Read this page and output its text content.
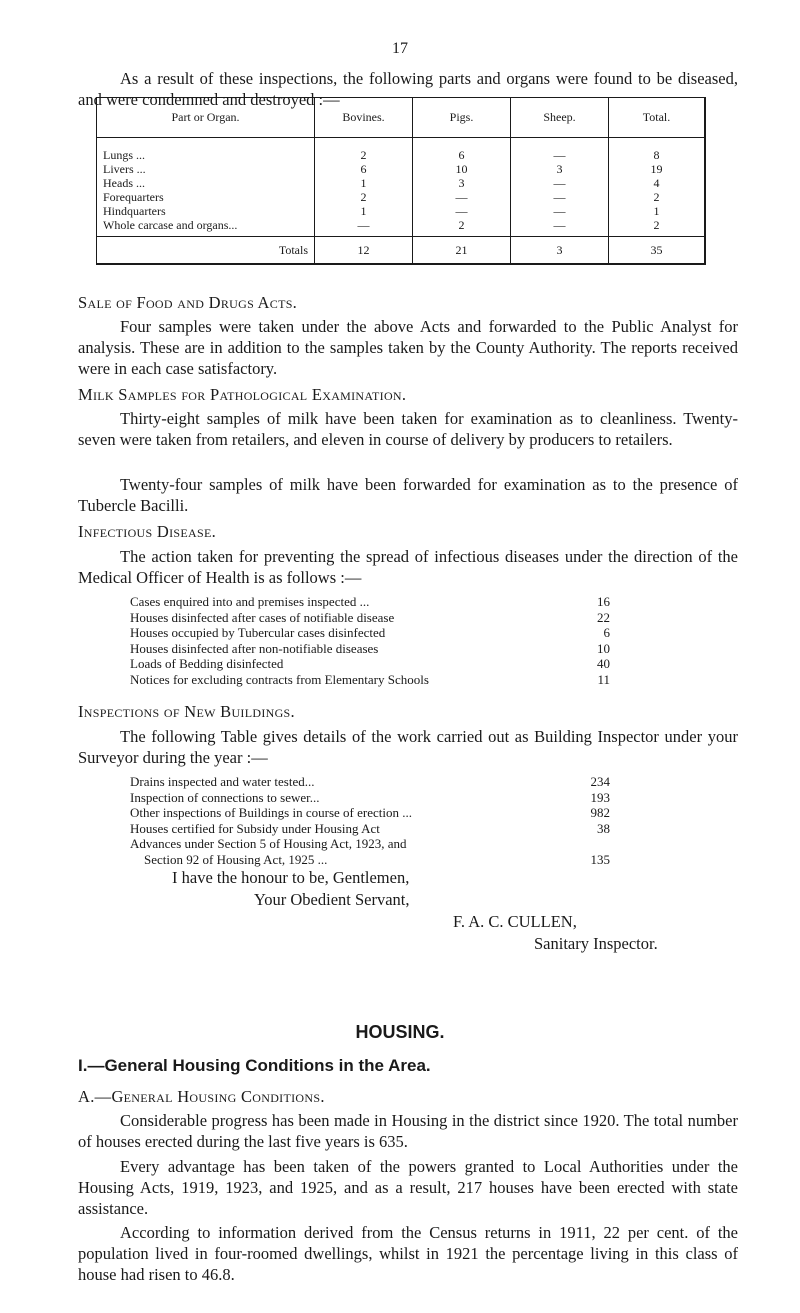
17
As a result of these inspections, the following parts and organs were found to be diseased, and were condemned and destroyed :—
Part or Organ.	Bovines.	Pigs.	Sheep.	Total.
Lungs ...	2	6	—	8
Livers ...	6	10	3	19
Heads ...	1	3	—	4
Forequarters	2	—	—	2
Hindquarters	1	—	—	1
Whole carcase and organs...	—	2	—	2
Totals	12	21	3	35
Sale of Food and Drugs Acts.
Four samples were taken under the above Acts and forwarded to the Public Analyst for analysis. These are in addition to the samples taken by the County Authority. The reports received were in each case satisfactory.
Milk Samples for Pathological Examination.
Thirty-eight samples of milk have been taken for examination as to cleanliness. Twenty-seven were taken from retailers, and eleven in course of delivery by producers to retailers.
Twenty-four samples of milk have been forwarded for examination as to the presence of Tubercle Bacilli.
Infectious Disease.
The action taken for preventing the spread of infectious diseases under the direction of the Medical Officer of Health is as follows :—
Cases enquired into and premises inspected ...	16
Houses disinfected after cases of notifiable disease	22
Houses occupied by Tubercular cases disinfected	6
Houses disinfected after non-notifiable diseases	10
Loads of Bedding disinfected	40
Notices for excluding contracts from Elementary Schools	11
Inspections of New Buildings.
The following Table gives details of the work carried out as Building Inspector under your Surveyor during the year :—
Drains inspected and water tested...	234
Inspection of connections to sewer...	193
Other inspections of Buildings in course of erection ...	982
Houses certified for Subsidy under Housing Act	38
Advances under Section 5 of Housing Act, 1923, and
Section 92 of Housing Act, 1925 ...	135
I have the honour to be, Gentlemen,
Your Obedient Servant,
F. A. C. CULLEN,
Sanitary Inspector.
HOUSING.
I.—General Housing Conditions in the Area.
A.—General Housing Conditions.
Considerable progress has been made in Housing in the district since 1920. The total number of houses erected during the last five years is 635.
Every advantage has been taken of the powers granted to Local Authorities under the Housing Acts, 1919, 1923, and 1925, and as a result, 217 houses have been erected with state assistance.
According to information derived from the Census returns in 1911, 22 per cent. of the population lived in four-roomed dwellings, whilst in 1921 the percentage living in this class of house had risen to 46.8.
